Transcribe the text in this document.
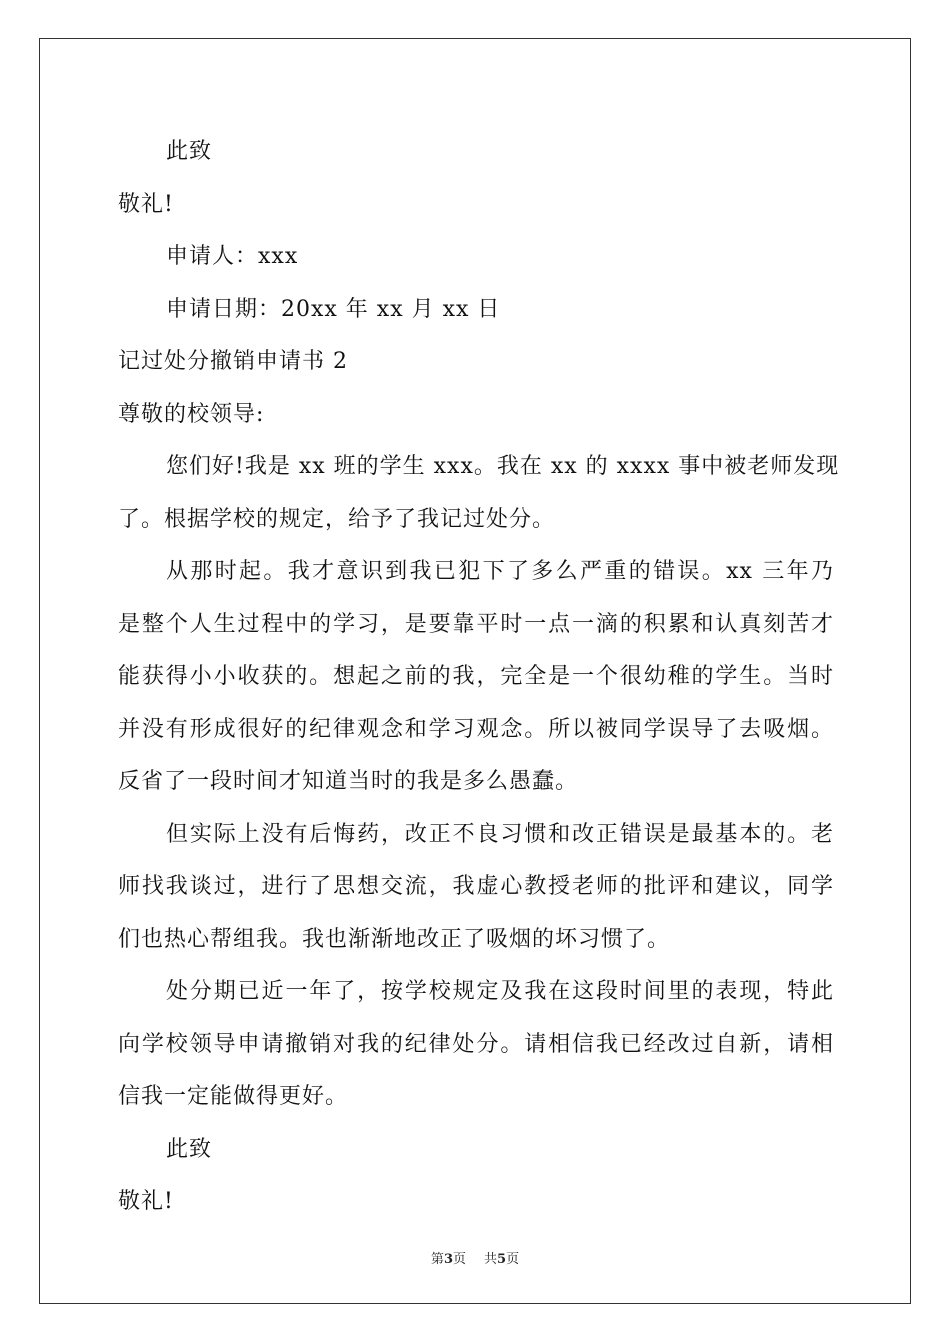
此致
敬礼!
申请人：xxx
申请日期：20xx 年 xx 月 xx 日
记过处分撤销申请书 2
尊敬的校领导:
您们好!我是 xx 班的学生 xxx。我在 xx 的 xxxx 事中被老师发现
了。根据学校的规定，给予了我记过处分。
从那时起。我才意识到我已犯下了多么严重的错误。xx 三年乃
是整个人生过程中的学习，是要靠平时一点一滴的积累和认真刻苦才
能获得小小收获的。想起之前的我，完全是一个很幼稚的学生。当时
并没有形成很好的纪律观念和学习观念。所以被同学误导了去吸烟。
反省了一段时间才知道当时的我是多么愚蠢。
但实际上没有后悔药，改正不良习惯和改正错误是最基本的。老
师找我谈过，进行了思想交流，我虚心教授老师的批评和建议，同学
们也热心帮组我。我也渐渐地改正了吸烟的坏习惯了。
处分期已近一年了，按学校规定及我在这段时间里的表现，特此
向学校领导申请撤销对我的纪律处分。请相信我已经改过自新，请相
信我一定能做得更好。
此致
敬礼!
第3页 共5页
